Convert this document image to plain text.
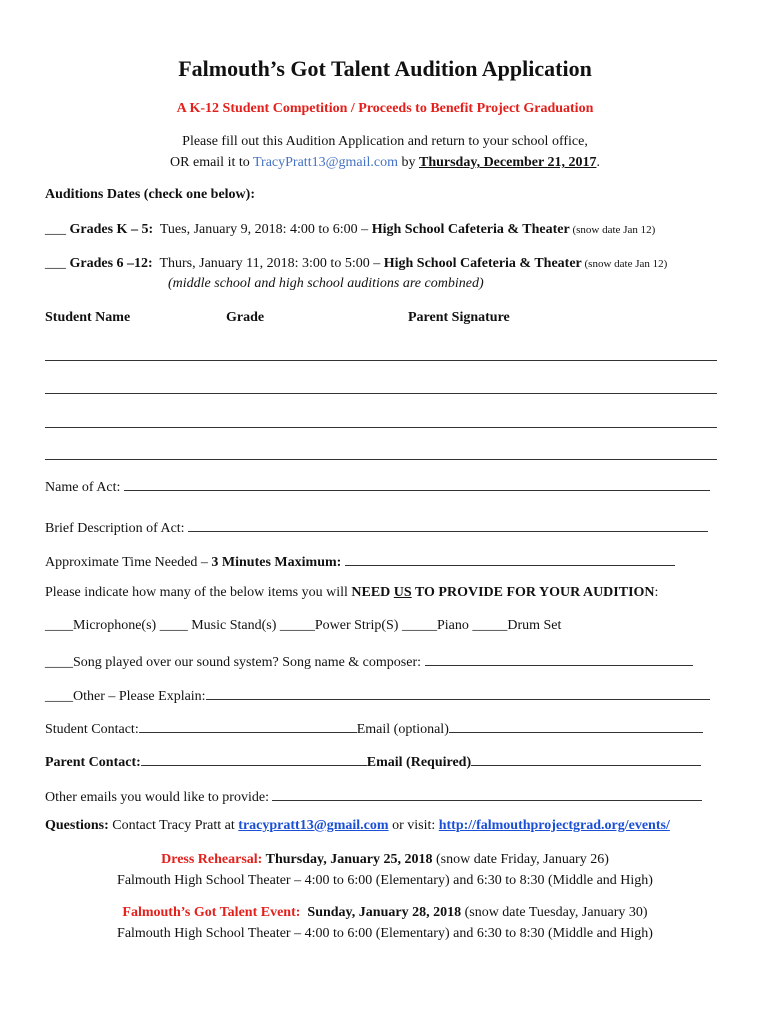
Falmouth’s Got Talent Audition Application
A K-12 Student Competition / Proceeds to Benefit Project Graduation
Please fill out this Audition Application and return to your school office,
OR email it to TracyPratt13@gmail.com by Thursday, December 21, 2017.
Auditions Dates (check one below):
___ Grades K – 5:  Tues, January 9, 2018: 4:00 to 6:00 – High School Cafeteria & Theater (snow date Jan 12)
___ Grades 6 –12:  Thurs, January 11, 2018: 3:00 to 5:00 – High School Cafeteria & Theater (snow date Jan 12)
(middle school and high school auditions are combined)
Student Name	Grade	Parent Signature
Name of Act:
Brief Description of Act:
Approximate Time Needed – 3 Minutes Maximum:
Please indicate how many of the below items you will NEED US TO PROVIDE FOR YOUR AUDITION:
____Microphone(s) ____ Music Stand(s) _____Power Strip(S) _____Piano _____Drum Set
____Song played over our sound system? Song name & composer:
____Other – Please Explain:
Student Contact:	Email (optional)
Parent Contact:	Email (Required)
Other emails you would like to provide:
Questions: Contact Tracy Pratt at tracypratt13@gmail.com or visit: http://falmouthprojectgrad.org/events/
Dress Rehearsal: Thursday, January 25, 2018 (snow date Friday, January 26)
Falmouth High School Theater – 4:00 to 6:00 (Elementary) and 6:30 to 8:30 (Middle and High)
Falmouth’s Got Talent Event:  Sunday, January 28, 2018 (snow date Tuesday, January 30)
Falmouth High School Theater – 4:00 to 6:00 (Elementary) and 6:30 to 8:30 (Middle and High)
